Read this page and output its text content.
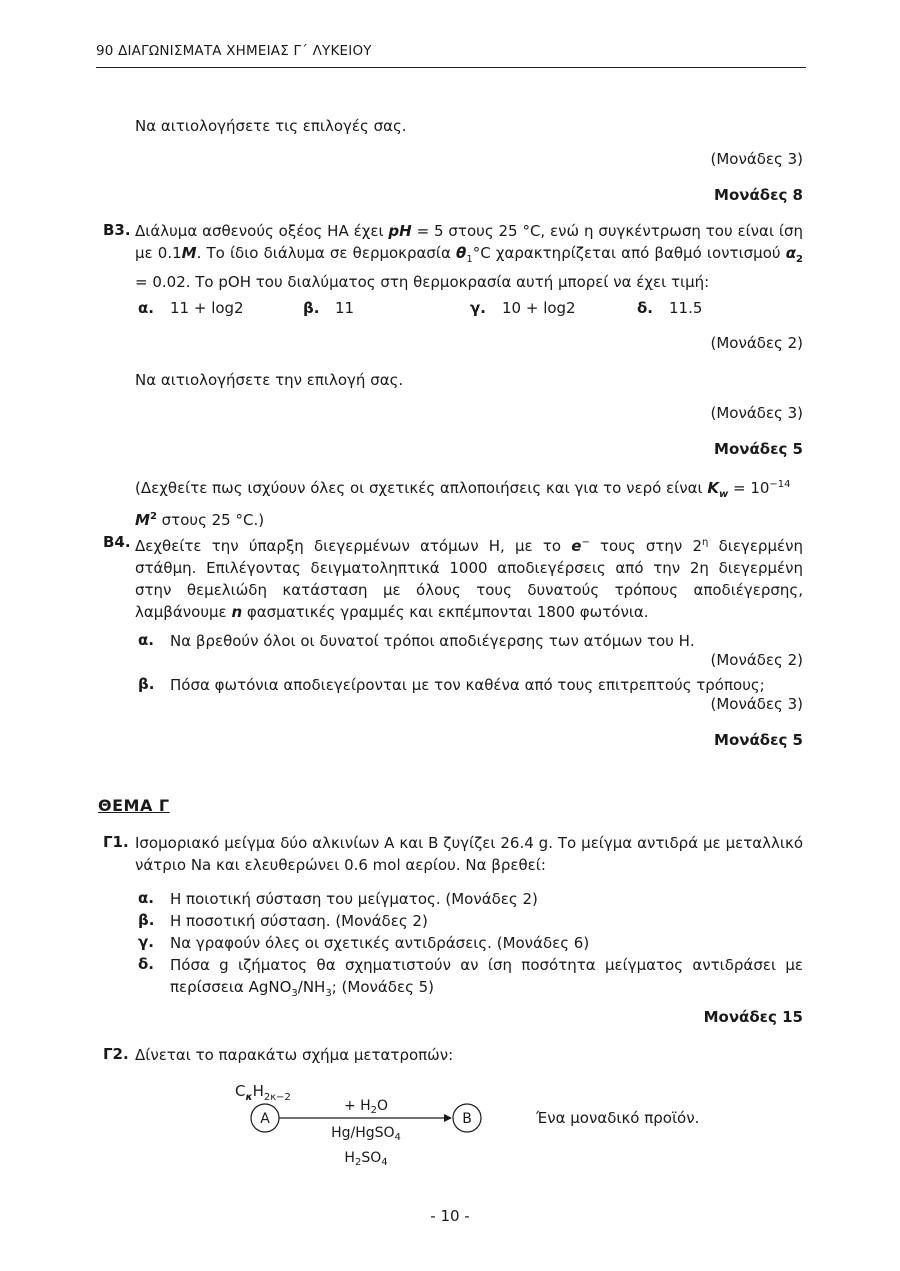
90 ΔΙΑΓΩΝΙΣΜΑΤΑ ΧΗΜΕΙΑΣ Γ΄ ΛΥΚΕΙΟΥ
Να αιτιολογήσετε τις επιλογές σας.
(Μονάδες 3)
Μονάδες 8
Β3. Διάλυμα ασθενούς οξέος ΗΑ έχει pH = 5 στους 25 °C, ενώ η συγκέντρωση του είναι ίση με 0.1M. Το ίδιο διάλυμα σε θερμοκρασία $\theta_1^\circ C$ χαρακτηρίζεται από βαθμό ιοντισμού $\alpha_2 = 0.02$. Το pOH του διαλύματος στη θερμοκρασία αυτή μπορεί να έχει τιμή:
α. 11 + log2	β. 11	γ. 10 + log2	δ. 11.5
(Μονάδες 2)
Να αιτιολογήσετε την επιλογή σας.
(Μονάδες 3)
Μονάδες 5
(Δεχθείτε πως ισχύουν όλες οι σχετικές απλοποιήσεις και για το νερό είναι $K_w = 10^{-14}$ $M^2$ στους 25 °C.)
Β4. Δεχθείτε την ύπαρξη διεγερμένων ατόμων Η, με το e− τους στην $2^\eta$ διεγερμένη στάθμη. Επιλέγοντας δειγματοληπτικά 1000 αποδιεγέρσεις από την 2η διεγερμένη στην θεμελιώδη κατάσταση με όλους τους δυνατούς τρόπους αποδιέγερσης, λαμβάνουμε n φασματικές γραμμές και εκπέμπονται 1800 φωτόνια.
α. Να βρεθούν όλοι οι δυνατοί τρόποι αποδιέγερσης των ατόμων του Η.
(Μονάδες 2)
β. Πόσα φωτόνια αποδιεγείρονται με τον καθένα από τους επιτρεπτούς τρόπους;
(Μονάδες 3)
Μονάδες 5
ΘΕΜΑ Γ
Γ1. Ισομοριακό μείγμα δύο αλκινίων Α και Β ζυγίζει 26.4 g. Το μείγμα αντιδρά με μεταλλικό νάτριο Na και ελευθερώνει 0.6 mol αερίου. Να βρεθεί:
α. Η ποιοτική σύσταση του μείγματος. (Μονάδες 2)
β. Η ποσοτική σύσταση. (Μονάδες 2)
γ. Να γραφούν όλες οι σχετικές αντιδράσεις. (Μονάδες 6)
δ. Πόσα g ιζήματος θα σχηματιστούν αν ίση ποσότητα μείγματος αντιδράσει με περίσσεια $AgNO_3/NH_3$; (Μονάδες 5)
Μονάδες 15
Γ2. Δίνεται το παρακάτω σχήμα μετατροπών:
$C_\kappa H_{2\kappa-2}$
A	B
+ $H_2O$
Hg/HgSO$_4$
$H_2SO_4$
Ένα μοναδικό προϊόν.
- 10 -
